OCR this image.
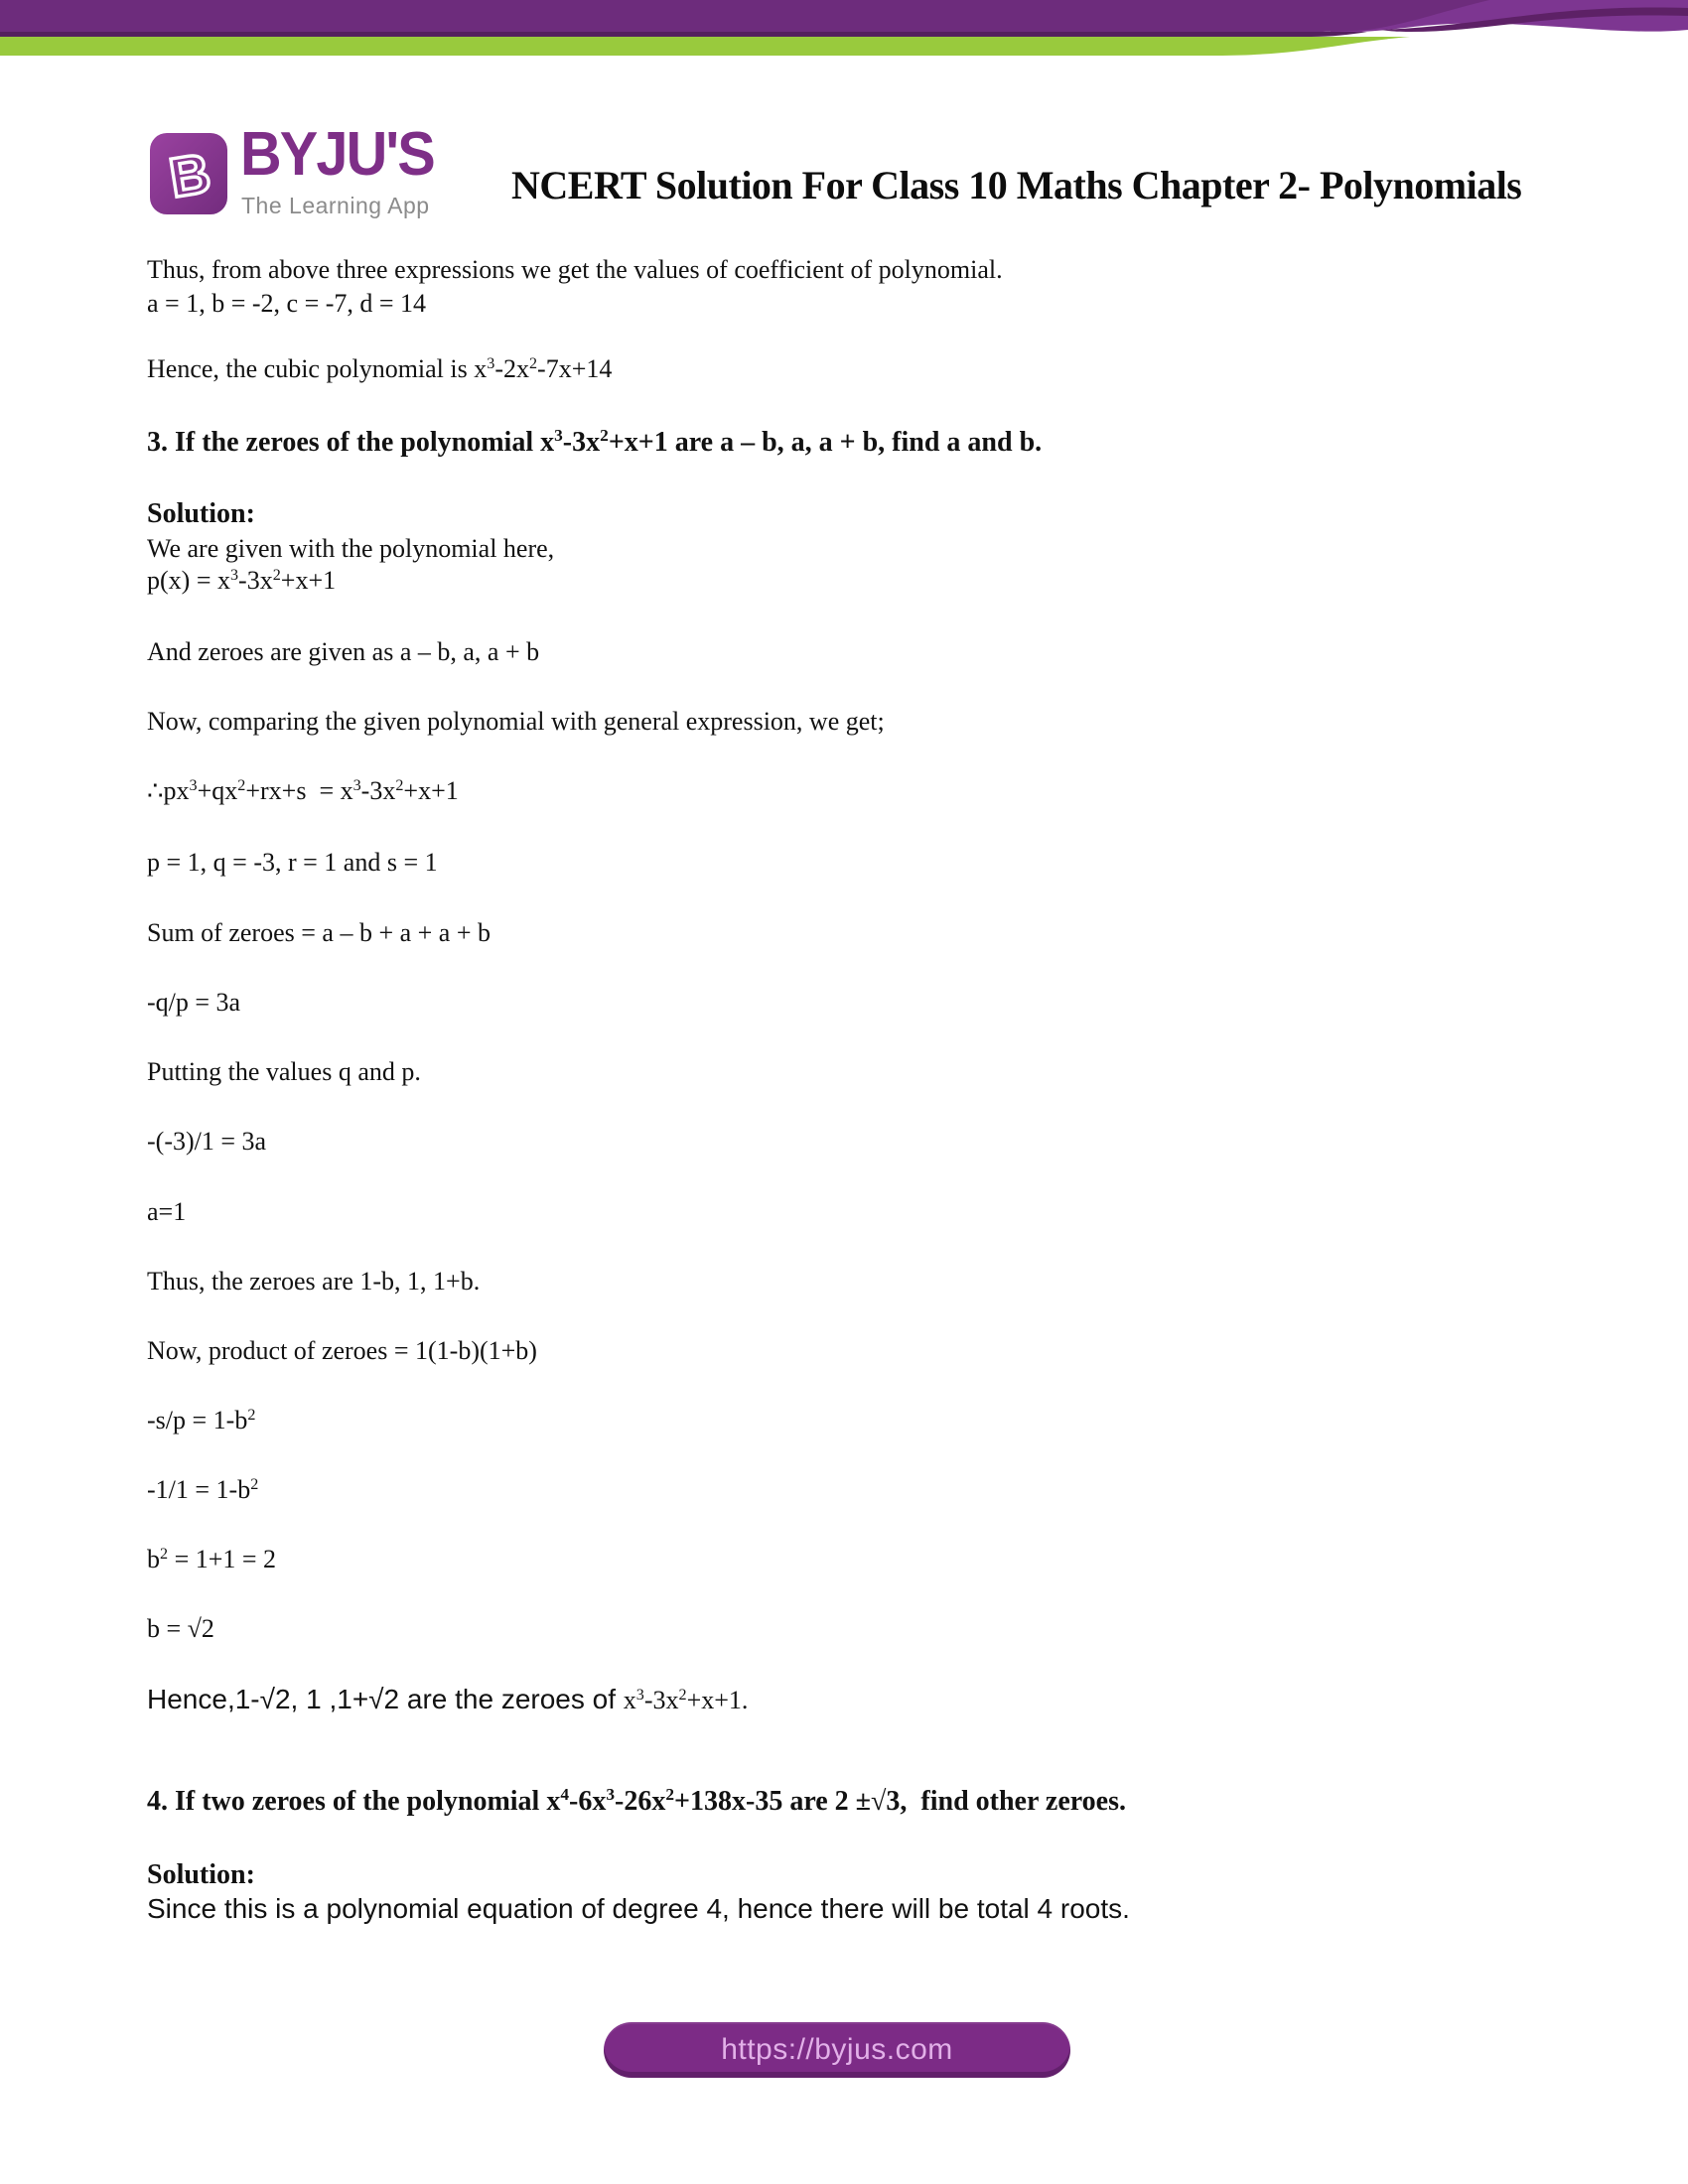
B BYJU'S
The Learning App NCERT Solution For Class 10 Maths Chapter 2- Polynomials
Thus, from above three expressions we get the values of coefficient of polynomial.
a = 1, b = -2, c = -7, d = 14
Hence, the cubic polynomial is $x^3-2x^2-7x+14$
3. If the zeroes of the polynomial $x^3-3x^2+x+1$ are a – b, a, a + b, find a and b.
Solution:
We are given with the polynomial here,
$p(x) = x^3-3x^2+x+1$
And zeroes are given as a – b, a, a + b
Now, comparing the given polynomial with general expression, we get;
$\therefore px^3+qx^2+rx+s = x^3-3x^2+x+1$
p = 1, q = -3, r = 1 and s = 1
Sum of zeroes = a – b + a + a + b
-q/p = 3a
Putting the values q and p.
-(-3)/1 = 3a
a=1
Thus, the zeroes are 1-b, 1, 1+b.
Now, product of zeroes = 1(1-b)(1+b)
$-s/p = 1-b^2$
$-1/1 = 1-b^2$
$b^2 = 1+1 = 2$
b = √2
Hence,1-√2, 1 ,1+√2 are the zeroes of $x^3-3x^2+x+1$.
4. If two zeroes of the polynomial $x^4-6x^3-26x^2+138x-35$ are 2 ±√3,  find other zeroes.
Solution:
Since this is a polynomial equation of degree 4, hence there will be total 4 roots.
https://byjus.com
